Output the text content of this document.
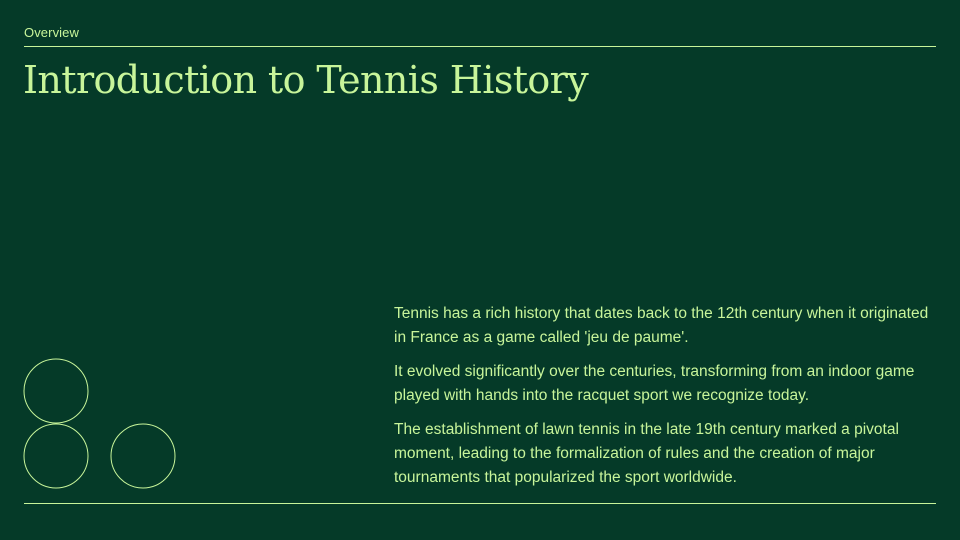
Overview
Introduction to Tennis History

Tennis has a rich history that dates back to the 12th century when it originated in France as a game called 'jeu de paume'.

It evolved significantly over the centuries, transforming from an indoor game played with hands into the racquet sport we recognize today.

The establishment of lawn tennis in the late 19th century marked a pivotal moment, leading to the formalization of rules and the creation of major tournaments that popularized the sport worldwide.
